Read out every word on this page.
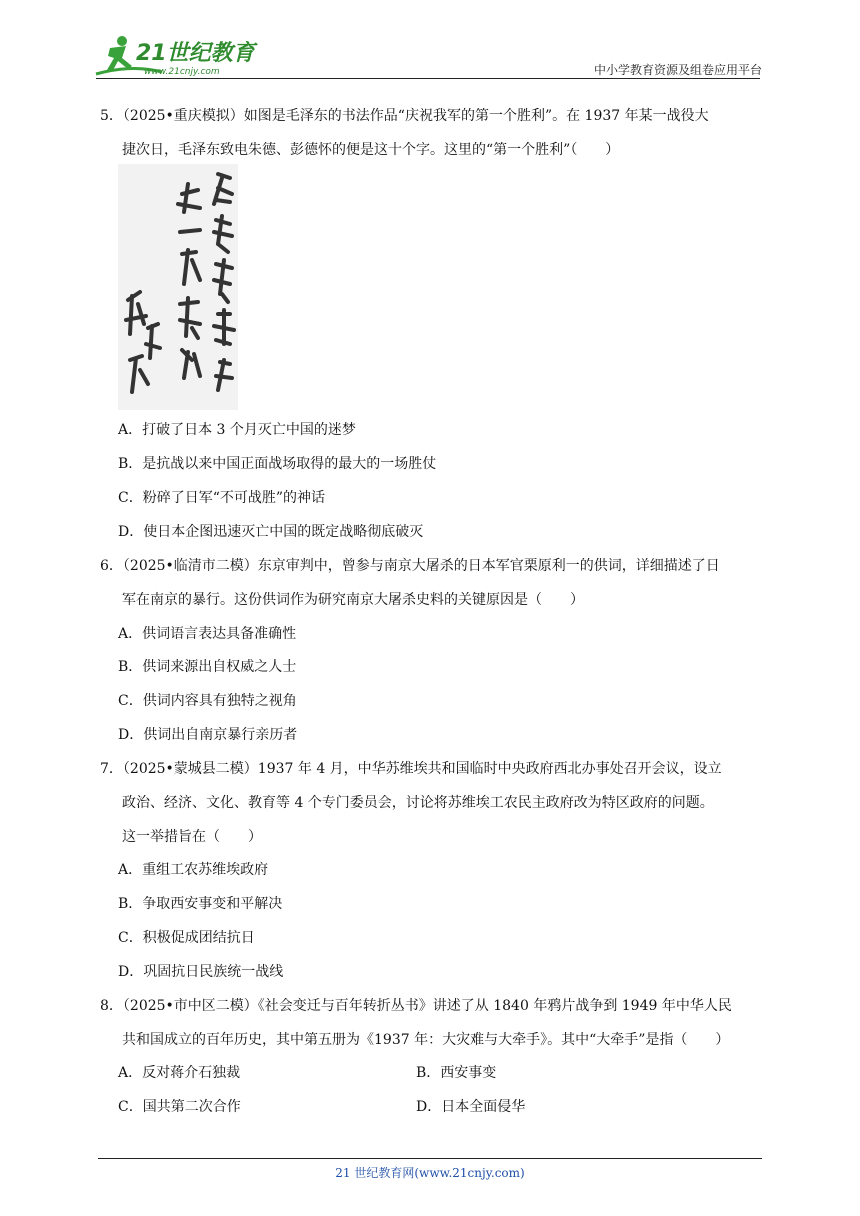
21世纪教育
www.21cnjy.com	中小学教育资源及组卷应用平台
5．（2025•重庆模拟）如图是毛泽东的书法作品“庆祝我军的第一个胜利”。在 1937 年某一战役大
捷次日，毛泽东致电朱德、彭德怀的便是这十个字。这里的“第一个胜利”（　　）
A．打破了日本 3 个月灭亡中国的迷梦
B．是抗战以来中国正面战场取得的最大的一场胜仗
C．粉碎了日军“不可战胜”的神话
D．使日本企图迅速灭亡中国的既定战略彻底破灭
6．（2025•临清市二模）东京审判中，曾参与南京大屠杀的日本军官栗原利一的供词，详细描述了日
军在南京的暴行。这份供词作为研究南京大屠杀史料的关键原因是（　　）
A．供词语言表达具备准确性
B．供词来源出自权威之人士
C．供词内容具有独特之视角
D．供词出自南京暴行亲历者
7．（2025•蒙城县二模）1937 年 4 月，中华苏维埃共和国临时中央政府西北办事处召开会议，设立
政治、经济、文化、教育等 4 个专门委员会，讨论将苏维埃工农民主政府改为特区政府的问题。
这一举措旨在（　　）
A．重组工农苏维埃政府
B．争取西安事变和平解决
C．积极促成团结抗日
D．巩固抗日民族统一战线
8．（2025•市中区二模）《社会变迁与百年转折丛书》讲述了从 1840 年鸦片战争到 1949 年中华人民
共和国成立的百年历史，其中第五册为《1937 年：大灾难与大牵手》。其中“大牵手”是指（　　）
A．反对蒋介石独裁	B．西安事变
C．国共第二次合作	D．日本全面侵华
21 世纪教育网(www.21cnjy.com)
